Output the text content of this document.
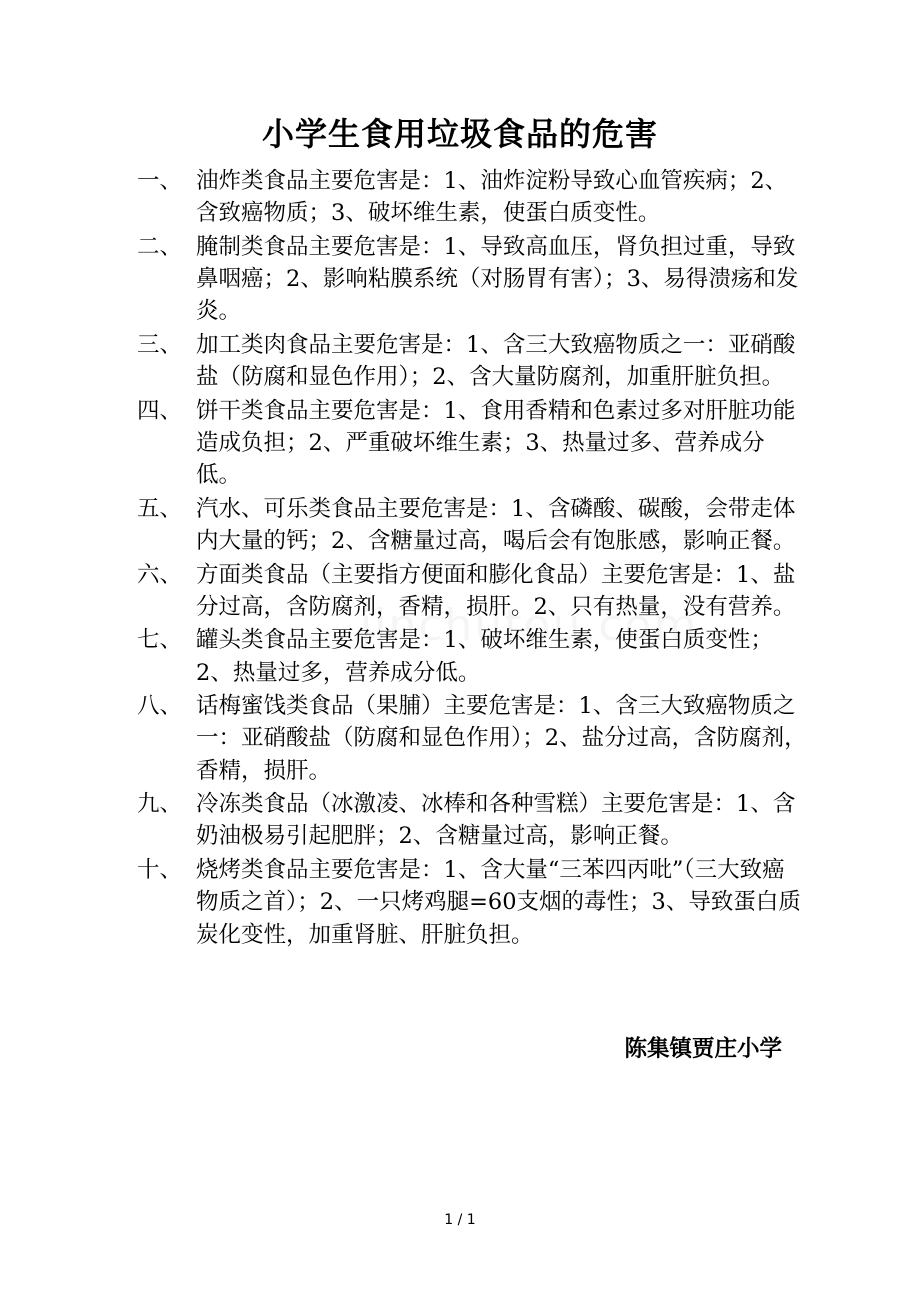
小学生食用垃圾食品的危害
一、 油炸类食品主要危害是：1、油炸淀粉导致心血管疾病；2、含致癌物质；3、破坏维生素，使蛋白质变性。
二、 腌制类食品主要危害是：1、导致高血压，肾负担过重，导致鼻咽癌；2、影响粘膜系统（对肠胃有害）；3、易得溃疡和发炎。
三、 加工类肉食品主要危害是：1、含三大致癌物质之一：亚硝酸盐（防腐和显色作用）；2、含大量防腐剂，加重肝脏负担。
四、 饼干类食品主要危害是：1、食用香精和色素过多对肝脏功能造成负担；2、严重破坏维生素；3、热量过多、营养成分低。
五、 汽水、可乐类食品主要危害是：1、含磷酸、碳酸，会带走体内大量的钙；2、含糖量过高，喝后会有饱胀感，影响正餐。
六、 方面类食品（主要指方便面和膨化食品）主要危害是：1、盐分过高，含防腐剂，香精，损肝。2、只有热量，没有营养。
七、 罐头类食品主要危害是：1、破坏维生素，使蛋白质变性；2、热量过多，营养成分低。
八、 话梅蜜饯类食品（果脯）主要危害是：1、含三大致癌物质之一：亚硝酸盐（防腐和显色作用）；2、盐分过高，含防腐剂，香精，损肝。
九、 冷冻类食品（冰激凌、冰棒和各种雪糕）主要危害是：1、含奶油极易引起肥胖；2、含糖量过高，影响正餐。
十、 烧烤类食品主要危害是：1、含大量“三苯四丙吡”（三大致癌物质之首）；2、一只烤鸡腿=60支烟的毒性；3、导致蛋白质炭化变性，加重肾脏、肝脏负担。
陈集镇贾庄小学
1 / 1
